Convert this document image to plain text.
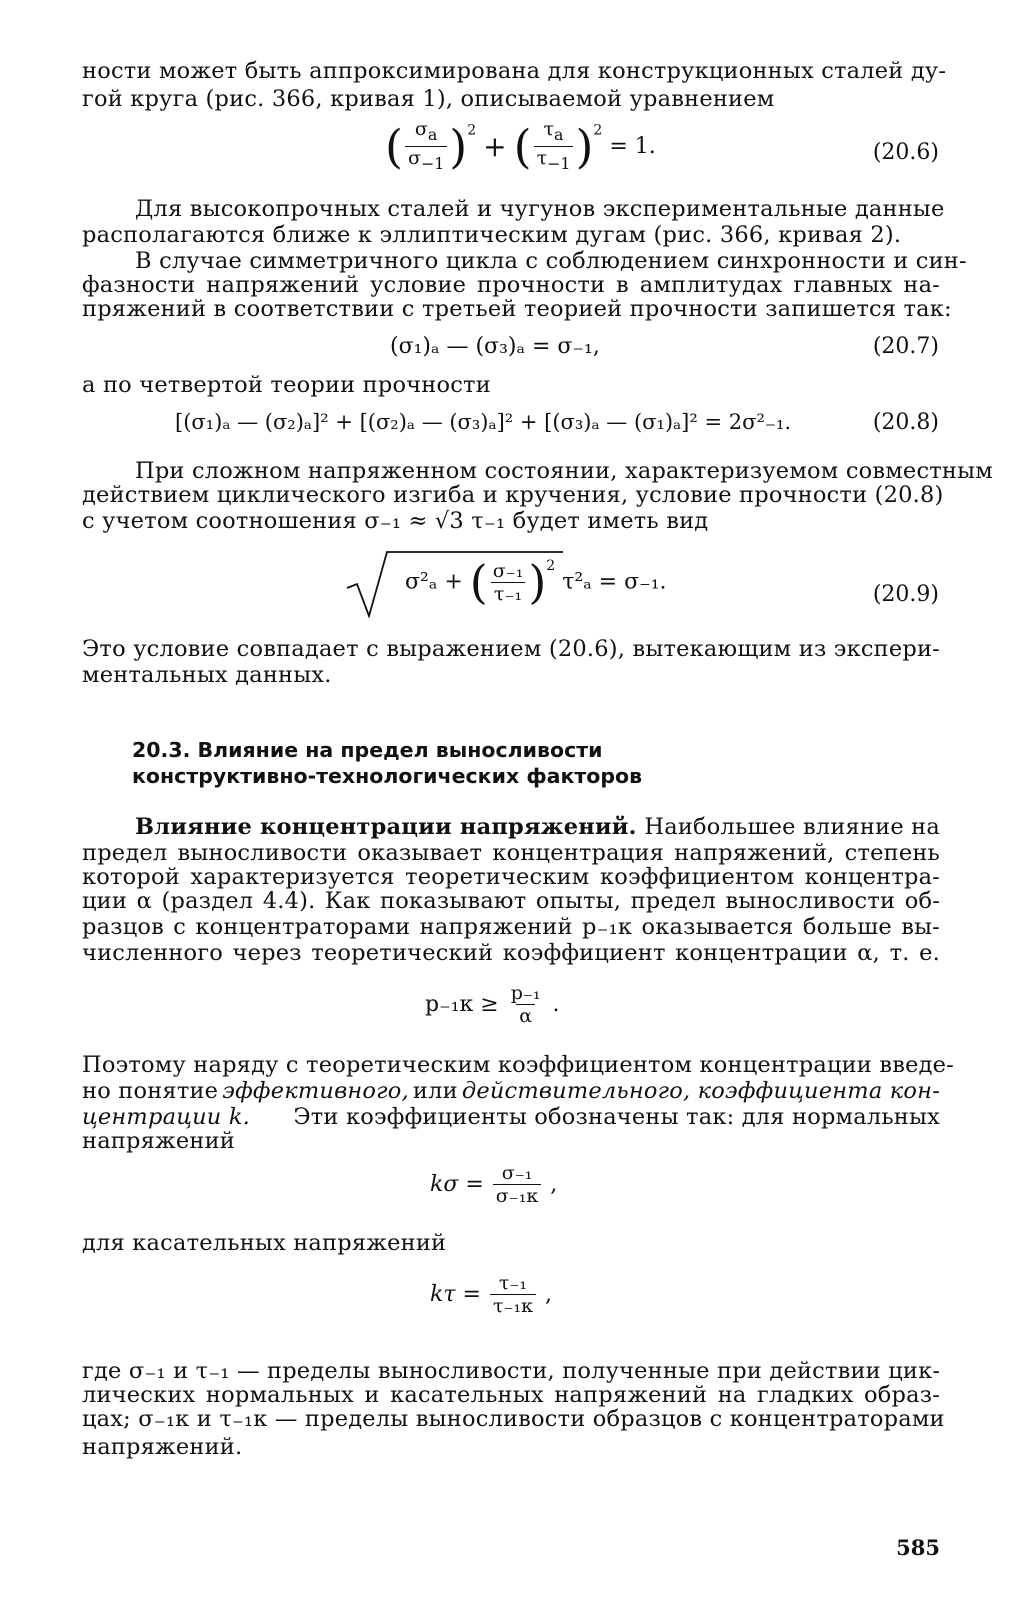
ности может быть аппроксимирована для конструкционных сталей ду-
гой круга (рис. 366, кривая 1), описываемой уравнением
( $\frac{\sigma_a}{\sigma_{-1}} )^2$ + ( $\frac{\tau_a}{\tau_{-1}} )^2 = 1$.	(20.6)
Для высокопрочных сталей и чугунов экспериментальные данные
располагаются ближе к эллиптическим дугам (рис. 366, кривая 2).
В случае симметричного цикла с соблюдением синхронности и син-
фазности напряжений условие прочности в амплитудах главных на-
пряжений в соответствии с третьей теорией прочности запишется так:
(σ₁)ₐ — (σ₃)ₐ = σ₋₁,	(20.7)
а по четвертой теории прочности
[(σ₁)ₐ — (σ₂)ₐ]² + [(σ₂)ₐ — (σ₃)ₐ]² + [(σ₃)ₐ — (σ₁)ₐ]² = 2σ²₋₁.	(20.8)
При сложном напряженном состоянии, характеризуемом совместным
действием циклического изгиба и кручения, условие прочности (20.8)
с учетом соотношения σ₋₁ ≈ √3 τ₋₁ будет иметь вид
σ²ₐ + ( $\frac{\text{σ₋₁}}{\text{τ₋₁}} )^2$ τ²ₐ = σ₋₁.	(20.9)
Это условие совпадает с выражением (20.6), вытекающим из экспери-
ментальных данных.
20.3. Влияние на предел выносливости
конструктивно-технологических факторов
Влияние концентрации напряжений. Наибольшее влияние на
предел выносливости оказывает концентрация напряжений, степень
которой характеризуется теоретическим коэффициентом концентра-
ции α (раздел 4.4). Как показывают опыты, предел выносливости об-
разцов с концентраторами напряжений p₋₁к оказывается больше вы-
численного через теоретический коэффициент концентрации α, т. е.
$p_{-1}к \ge \frac{\text{p₋₁}}{\alpha}$ .
Поэтому наряду с теоретическим коэффициентом концентрации введе-
но понятие эффективного, или действительного, коэффициента кон-
центрации k. Эти коэффициенты обозначены так: для нормальных
напряжений
$k\sigma = \frac{\text{σ₋₁}}{\text{σ₋₁к}}$ ,
для касательных напряжений
$k\tau = \frac{\text{τ₋₁}}{\text{τ₋₁к}}$ ,
где σ₋₁ и τ₋₁ — пределы выносливости, полученные при действии цик-
лических нормальных и касательных напряжений на гладких образ-
цах; σ₋₁к и τ₋₁к — пределы выносливости образцов с концентраторами
напряжений.
585
